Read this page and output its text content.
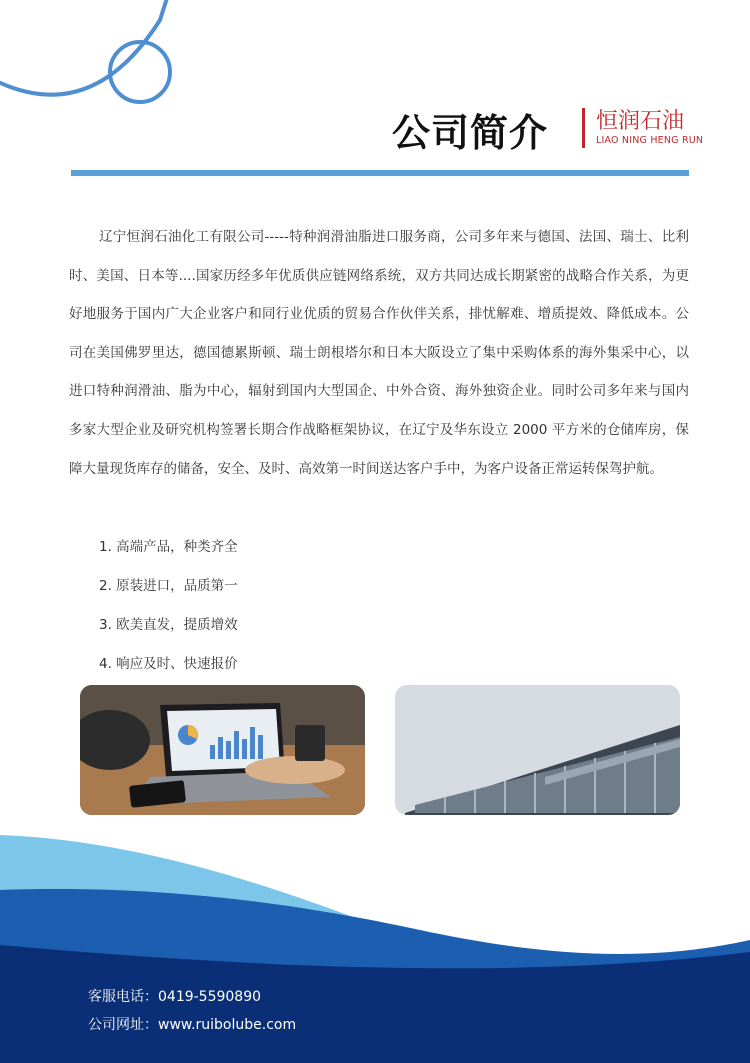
公司简介 恒润石油
LIAO NING HENG RUN

辽宁恒润石油化工有限公司-----特种润滑油脂进口服务商，公司多年来与德国、法国、瑞士、比利时、美国、日本等....国家历经多年优质供应链网络系统，双方共同达成长期紧密的战略合作关系，为更好地服务于国内广大企业客户和同行业优质的贸易合作伙伴关系，排忧解难、增质提效、降低成本。公司在美国佛罗里达，德国德累斯顿、瑞士朗根塔尔和日本大阪设立了集中采购体系的海外集采中心，以进口特种润滑油、脂为中心，辐射到国内大型国企、中外合资、海外独资企业。同时公司多年来与国内多家大型企业及研究机构签署长期合作战略框架协议，在辽宁及华东设立 2000 平方米的仓储库房，保障大量现货库存的储备，安全、及时、高效第一时间送达客户手中，为客户设备正常运转保驾护航。

1. 高端产品，种类齐全
2. 原装进口，品质第一
3. 欧美直发，提质增效
4. 响应及时、快速报价
客服电话：0419-5590890
公司网址：www.ruibolube.com
